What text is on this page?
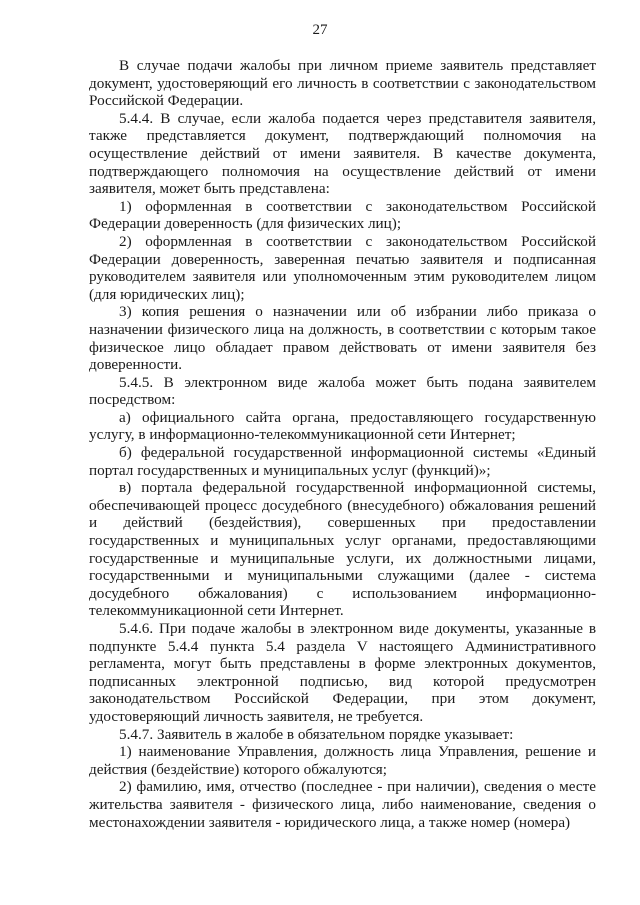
27

В случае подачи жалобы при личном приеме заявитель представляет документ, удостоверяющий его личность в соответствии с законодательством Российской Федерации.

5.4.4. В случае, если жалоба подается через представителя заявителя, также представляется документ, подтверждающий полномочия на осуществление действий от имени заявителя. В качестве документа, подтверждающего полномочия на осуществление действий от имени заявителя, может быть представлена:

1) оформленная в соответствии с законодательством Российской Федерации доверенность (для физических лиц);

2) оформленная в соответствии с законодательством Российской Федерации доверенность, заверенная печатью заявителя и подписанная руководителем заявителя или уполномоченным этим руководителем лицом (для юридических лиц);

3) копия решения о назначении или об избрании либо приказа о назначении физического лица на должность, в соответствии с которым такое физическое лицо обладает правом действовать от имени заявителя без доверенности.

5.4.5. В электронном виде жалоба может быть подана заявителем посредством:

а) официального сайта органа, предоставляющего государственную услугу, в информационно-телекоммуникационной сети Интернет;

б) федеральной государственной информационной системы «Единый портал государственных и муниципальных услуг (функций)»;

в) портала федеральной государственной информационной системы, обеспечивающей процесс досудебного (внесудебного) обжалования решений и действий (бездействия), совершенных при предоставлении государственных и муниципальных услуг органами, предоставляющими государственные и муниципальные услуги, их должностными лицами, государственными и муниципальными служащими (далее - система досудебного обжалования) с использованием информационно-телекоммуникационной сети Интернет.

5.4.6. При подаче жалобы в электронном виде документы, указанные в подпункте 5.4.4 пункта 5.4 раздела V настоящего Административного регламента, могут быть представлены в форме электронных документов, подписанных электронной подписью, вид которой предусмотрен законодательством Российской Федерации, при этом документ, удостоверяющий личность заявителя, не требуется.

5.4.7. Заявитель в жалобе в обязательном порядке указывает:

1) наименование Управления, должность лица Управления, решение и действия (бездействие) которого обжалуются;

2) фамилию, имя, отчество (последнее - при наличии), сведения о месте жительства заявителя - физического лица, либо наименование, сведения о местонахождении заявителя - юридического лица, а также номер (номера)
